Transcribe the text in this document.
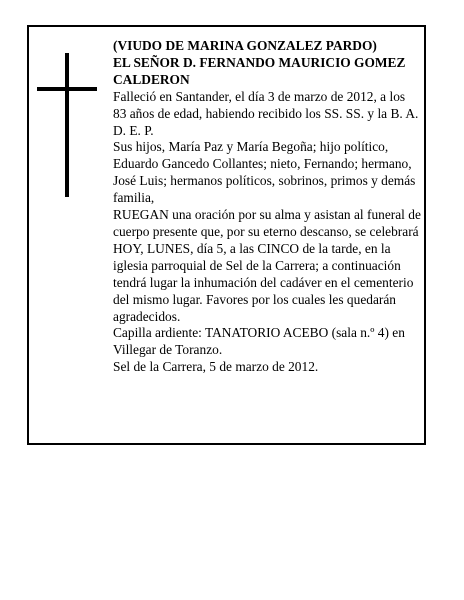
(VIUDO DE MARINA GONZALEZ PARDO)

EL SEÑOR D. FERNANDO MAURICIO GOMEZ CALDERON

Falleció en Santander, el día 3 de marzo de 2012, a los 83 años de edad, habiendo recibido los SS. SS. y la B. A.

D. E. P.

Sus hijos, María Paz y María Begoña; hijo político, Eduardo Gancedo Collantes; nieto, Fernando; hermano, José Luis; hermanos políticos, sobrinos, primos y demás familia,

RUEGAN una oración por su alma y asistan al funeral de cuerpo presente que, por su eterno descanso, se celebrará HOY, LUNES, día 5, a las CINCO de la tarde, en la iglesia parroquial de Sel de la Carrera; a continuación tendrá lugar la inhumación del cadáver en el cementerio del mismo lugar. Favores por los cuales les quedarán agradecidos.

Capilla ardiente: TANATORIO ACEBO (sala n.º 4) en Villegar de Toranzo.

Sel de la Carrera, 5 de marzo de 2012.
